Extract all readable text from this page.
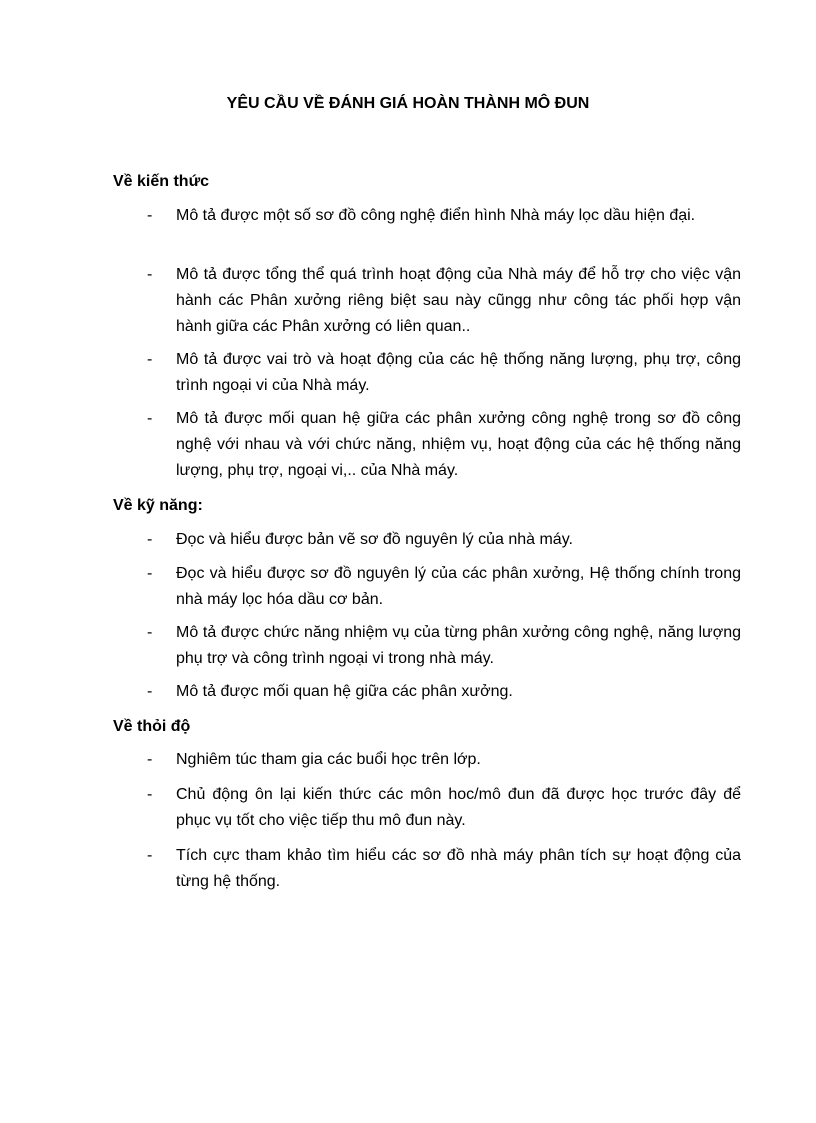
YÊU CẦU VỀ ĐÁNH GIÁ HOÀN THÀNH MÔ ĐUN
Về kiến thức
- Mô tả được một số sơ đồ công nghệ điển hình Nhà máy lọc dầu hiện đại.
- Mô tả được tổng thể quá trình hoạt động của Nhà máy để hỗ trợ cho việc vận hành các Phân xưởng riêng biệt sau này cũngg như công tác phối hợp vận hành giữa các Phân xưởng có liên quan..
- Mô tả được vai trò và hoạt động của các hệ thống năng lượng, phụ trợ, công trình ngoại vi của Nhà máy.
- Mô tả được mối quan hệ giữa các phân xưởng công nghệ trong sơ đồ công nghệ với nhau và với chức năng, nhiệm vụ, hoạt động của các hệ thống năng lượng, phụ trợ, ngoại vi,.. của Nhà máy.
Về kỹ năng:
- Đọc và hiểu được bản vẽ sơ đồ nguyên lý của nhà máy.
- Đọc và hiểu được sơ đồ nguyên lý của các phân xưởng, Hệ thống chính trong nhà máy lọc hóa dầu cơ bản.
- Mô tả được chức năng nhiệm vụ của từng phân xưởng công nghệ, năng lượng phụ trợ và công trình ngoại vi trong nhà máy.
- Mô tả được mối quan hệ giữa các phân xưởng.
Về thỏi độ
- Nghiêm túc tham gia các buổi học trên lớp.
- Chủ động ôn lại kiến thức các môn hoc/mô đun đã được học trước đây để phục vụ tốt cho việc tiếp thu mô đun này.
- Tích cực tham khảo tìm hiểu các sơ đồ nhà máy phân tích sự hoạt động của từng hệ thống.
